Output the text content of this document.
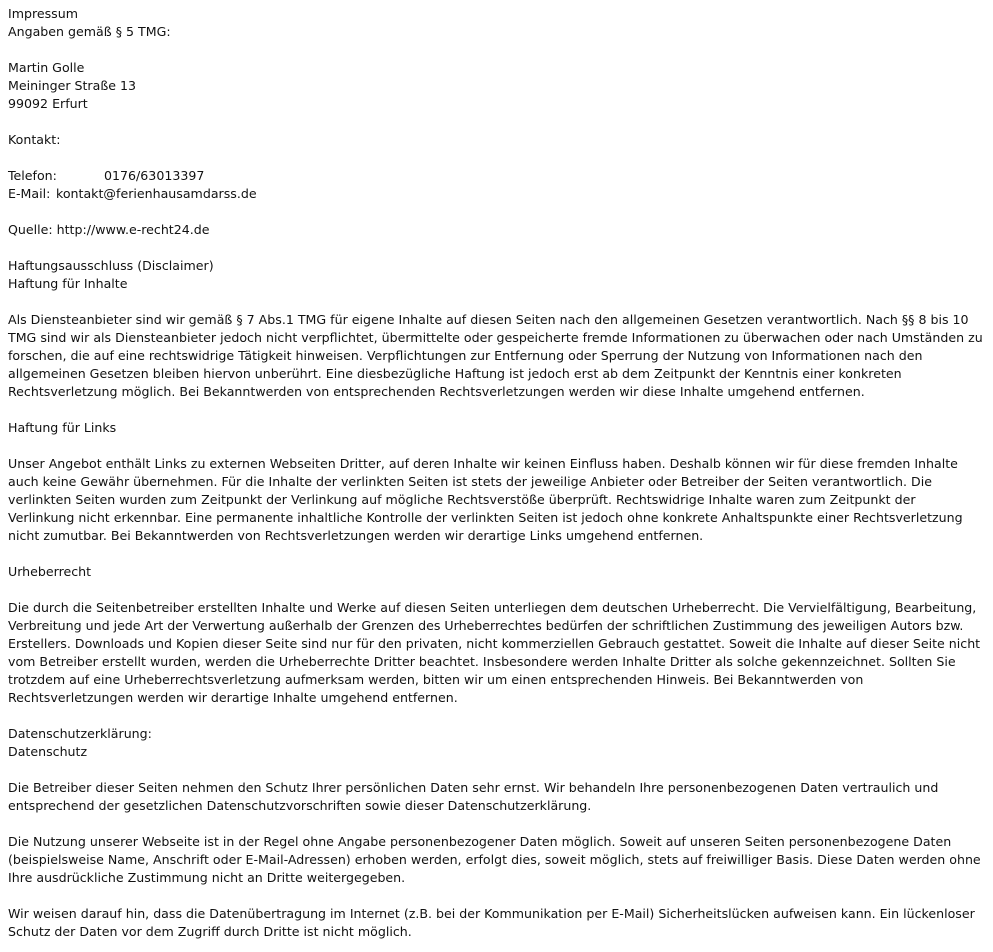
Impressum
Angaben gemäß § 5 TMG:
Martin Golle
Meininger Straße 13
99092 Erfurt
Kontakt:
Telefon:	0176/63013397
E-Mail: kontakt@ferienhausamdarss.de
Quelle: http://www.e-recht24.de
Haftungsausschluss (Disclaimer)
Haftung für Inhalte

Als Diensteanbieter sind wir gemäß § 7 Abs.1 TMG für eigene Inhalte auf diesen Seiten nach den allgemeinen Gesetzen verantwortlich. Nach §§ 8 bis 10 TMG sind wir als Diensteanbieter jedoch nicht verpflichtet, übermittelte oder gespeicherte fremde Informationen zu überwachen oder nach Umständen zu forschen, die auf eine rechtswidrige Tätigkeit hinweisen. Verpflichtungen zur Entfernung oder Sperrung der Nutzung von Informationen nach den allgemeinen Gesetzen bleiben hiervon unberührt. Eine diesbezügliche Haftung ist jedoch erst ab dem Zeitpunkt der Kenntnis einer konkreten Rechtsverletzung möglich. Bei Bekanntwerden von entsprechenden Rechtsverletzungen werden wir diese Inhalte umgehend entfernen.

Haftung für Links

Unser Angebot enthält Links zu externen Webseiten Dritter, auf deren Inhalte wir keinen Einfluss haben. Deshalb können wir für diese fremden Inhalte auch keine Gewähr übernehmen. Für die Inhalte der verlinkten Seiten ist stets der jeweilige Anbieter oder Betreiber der Seiten verantwortlich. Die verlinkten Seiten wurden zum Zeitpunkt der Verlinkung auf mögliche Rechtsverstöße überprüft. Rechtswidrige Inhalte waren zum Zeitpunkt der Verlinkung nicht erkennbar. Eine permanente inhaltliche Kontrolle der verlinkten Seiten ist jedoch ohne konkrete Anhaltspunkte einer Rechtsverletzung nicht zumutbar. Bei Bekanntwerden von Rechtsverletzungen werden wir derartige Links umgehend entfernen.

Urheberrecht

Die durch die Seitenbetreiber erstellten Inhalte und Werke auf diesen Seiten unterliegen dem deutschen Urheberrecht. Die Vervielfältigung, Bearbeitung, Verbreitung und jede Art der Verwertung außerhalb der Grenzen des Urheberrechtes bedürfen der schriftlichen Zustimmung des jeweiligen Autors bzw. Erstellers. Downloads und Kopien dieser Seite sind nur für den privaten, nicht kommerziellen Gebrauch gestattet. Soweit die Inhalte auf dieser Seite nicht vom Betreiber erstellt wurden, werden die Urheberrechte Dritter beachtet. Insbesondere werden Inhalte Dritter als solche gekennzeichnet. Sollten Sie trotzdem auf eine Urheberrechtsverletzung aufmerksam werden, bitten wir um einen entsprechenden Hinweis. Bei Bekanntwerden von Rechtsverletzungen werden wir derartige Inhalte umgehend entfernen.

Datenschutzerklärung:
Datenschutz

Die Betreiber dieser Seiten nehmen den Schutz Ihrer persönlichen Daten sehr ernst. Wir behandeln Ihre personenbezogenen Daten vertraulich und entsprechend der gesetzlichen Datenschutzvorschriften sowie dieser Datenschutzerklärung.

Die Nutzung unserer Webseite ist in der Regel ohne Angabe personenbezogener Daten möglich. Soweit auf unseren Seiten personenbezogene Daten (beispielsweise Name, Anschrift oder E-Mail-Adressen) erhoben werden, erfolgt dies, soweit möglich, stets auf freiwilliger Basis. Diese Daten werden ohne Ihre ausdrückliche Zustimmung nicht an Dritte weitergegeben.

Wir weisen darauf hin, dass die Datenübertragung im Internet (z.B. bei der Kommunikation per E-Mail) Sicherheitslücken aufweisen kann. Ein lückenloser Schutz der Daten vor dem Zugriff durch Dritte ist nicht möglich.
